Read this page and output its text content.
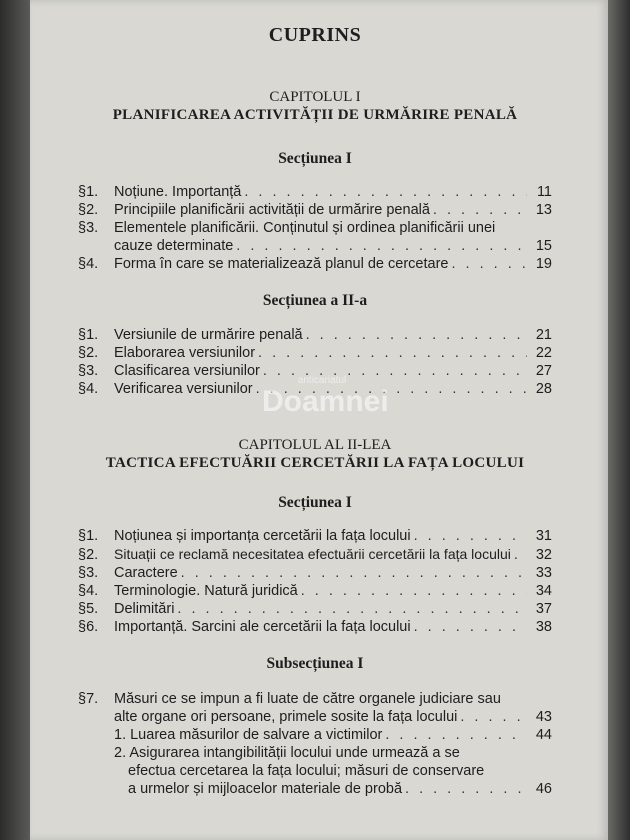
CUPRINS
CAPITOLUL I
PLANIFICAREA ACTIVITĂȚII DE URMĂRIRE PENALĂ
Secțiunea I
§1.	Noțiune. Importanță . . .	11
§2.	Principiile planificării activității de urmărire penală . . .	13
§3.	Elementele planificării. Conținutul și ordinea planificării unei
cauze determinate . . .	15
§4.	Forma în care se materializează planul de cercetare . . .	19
Secțiunea a II-a
§1.	Versiunile de urmărire penală . . .	21
§2.	Elaborarea versiunilor . . .	22
§3.	Clasificarea versiunilor . . .	27
§4.	Verificarea versiunilor . . .	28
anticariatul
Doamnei
CAPITOLUL AL II-LEA
TACTICA EFECTUĂRII CERCETĂRII LA FAȚA LOCULUI
Secțiunea I
§1.	Noțiunea și importanța cercetării la fața locului . . .	31
§2.	Situații ce reclamă necesitatea efectuării cercetării la fața locului . . .	32
§3.	Caractere . . .	33
§4.	Terminologie. Natură juridică . . .	34
§5.	Delimitări . . .	37
§6.	Importanță. Sarcini ale cercetării la fața locului . . .	38
Subsecțiunea I
§7.	Măsuri ce se impun a fi luate de către organele judiciare sau
alte organe ori persoane, primele sosite la fața locului . . .	43
1. Luarea măsurilor de salvare a victimilor . . .	44
2. Asigurarea intangibilității locului unde urmează a se
efectua cercetarea la fața locului; măsuri de conservare
a urmelor și mijloacelor materiale de probă . . .	46
